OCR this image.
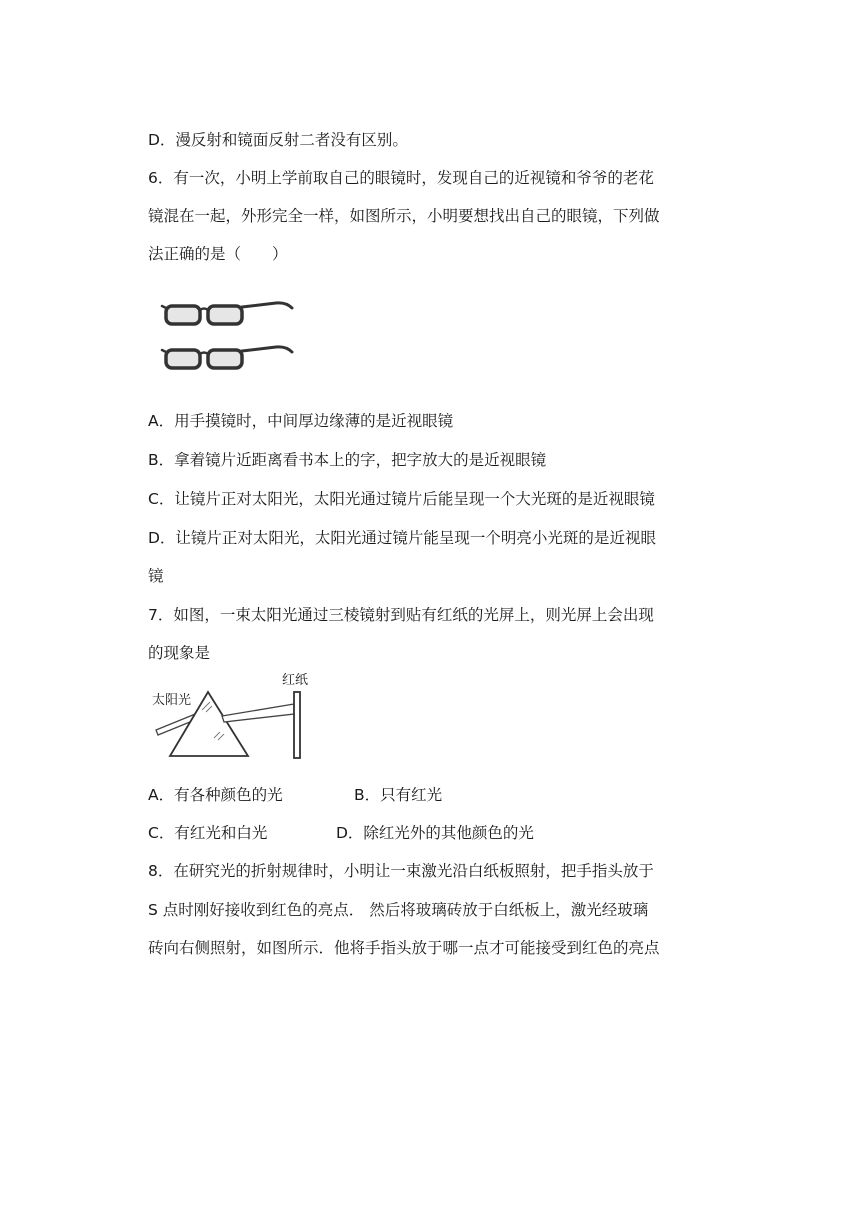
D．漫反射和镜面反射二者没有区别。
6．有一次，小明上学前取自己的眼镜时，发现自己的近视镜和爷爷的老花
镜混在一起，外形完全一样，如图所示，小明要想找出自己的眼镜，下列做
法正确的是（　　）
A．用手摸镜时，中间厚边缘薄的是近视眼镜
B．拿着镜片近距离看书本上的字，把字放大的是近视眼镜
C．让镜片正对太阳光，太阳光通过镜片后能呈现一个大光斑的是近视眼镜
D．让镜片正对太阳光，太阳光通过镜片能呈现一个明亮小光斑的是近视眼
镜
7．如图，一束太阳光通过三棱镜射到贴有红纸的光屏上，则光屏上会出现
的现象是
太阳光
红纸
A．有各种颜色的光	B．只有红光
C．有红光和白光	D．除红光外的其他颜色的光
8．在研究光的折射规律时，小明让一束激光沿白纸板照射，把手指头放于
S 点时刚好接收到红色的亮点． 然后将玻璃砖放于白纸板上，激光经玻璃
砖向右侧照射，如图所示．他将手指头放于哪一点才可能接受到红色的亮点
